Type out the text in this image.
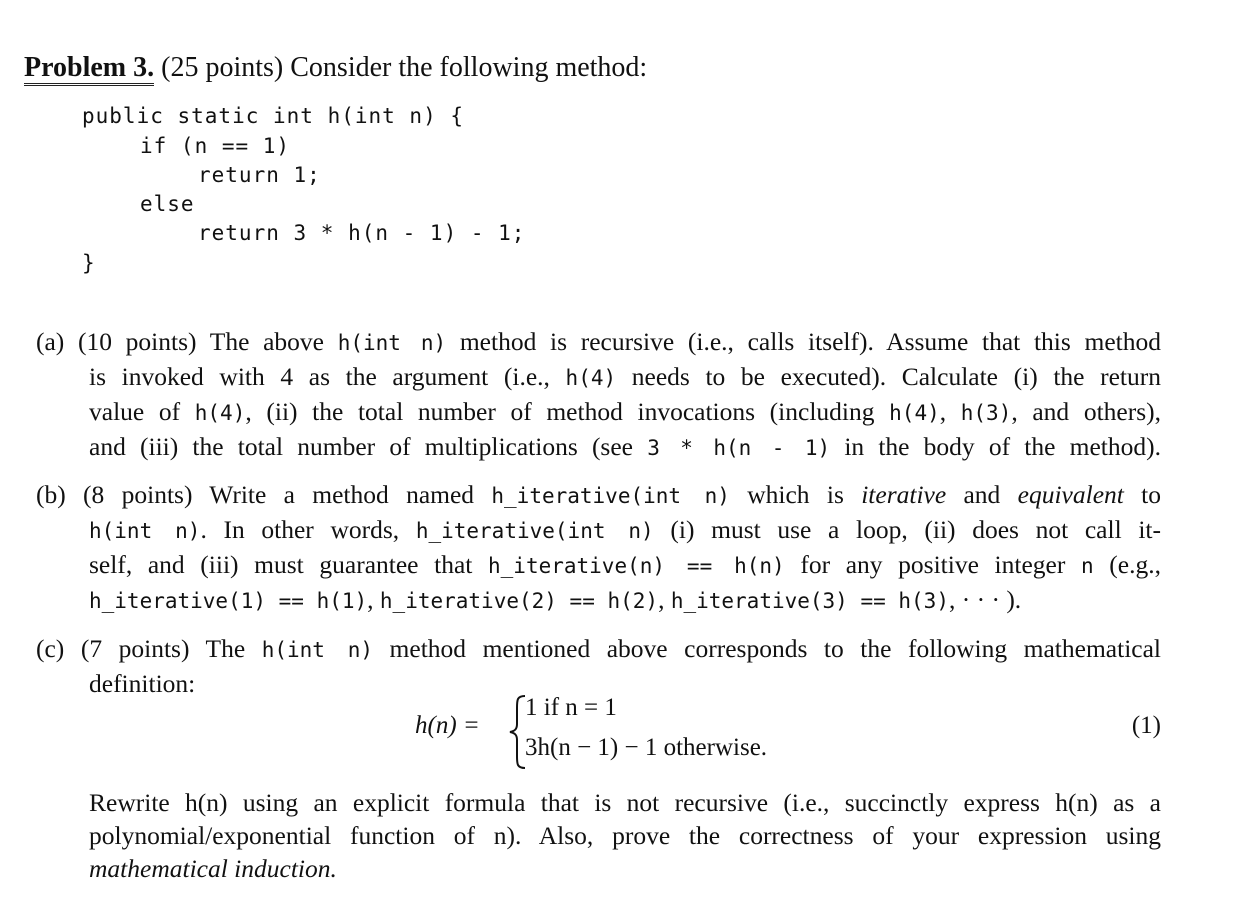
Problem 3. (25 points) Consider the following method:
public static int h(int n) {
if (n == 1)
return 1;
else
return 3 * h(n - 1) - 1;
}
(a) (10 points) The above h(int n) method is recursive (i.e., calls itself). Assume that this method
is invoked with 4 as the argument (i.e., h(4) needs to be executed). Calculate (i) the return
value of h(4), (ii) the total number of method invocations (including h(4), h(3), and others),
and (iii) the total number of multiplications (see 3 * h(n - 1) in the body of the method).
(b) (8 points) Write a method named h_iterative(int n) which is iterative and equivalent to
h(int n). In other words, h_iterative(int n) (i) must use a loop, (ii) does not call it-
self, and (iii) must guarantee that h_iterative(n) == h(n) for any positive integer n (e.g.,
h_iterative(1) == h(1), h_iterative(2) == h(2), h_iterative(3) == h(3), · · · ).
(c) (7 points) The h(int n) method mentioned above corresponds to the following mathematical
definition:
h(n) =
1 if n = 1
3h(n − 1) − 1 otherwise.
(1)
Rewrite h(n) using an explicit formula that is not recursive (i.e., succinctly express h(n) as a
polynomial/exponential function of n). Also, prove the correctness of your expression using
mathematical induction.
